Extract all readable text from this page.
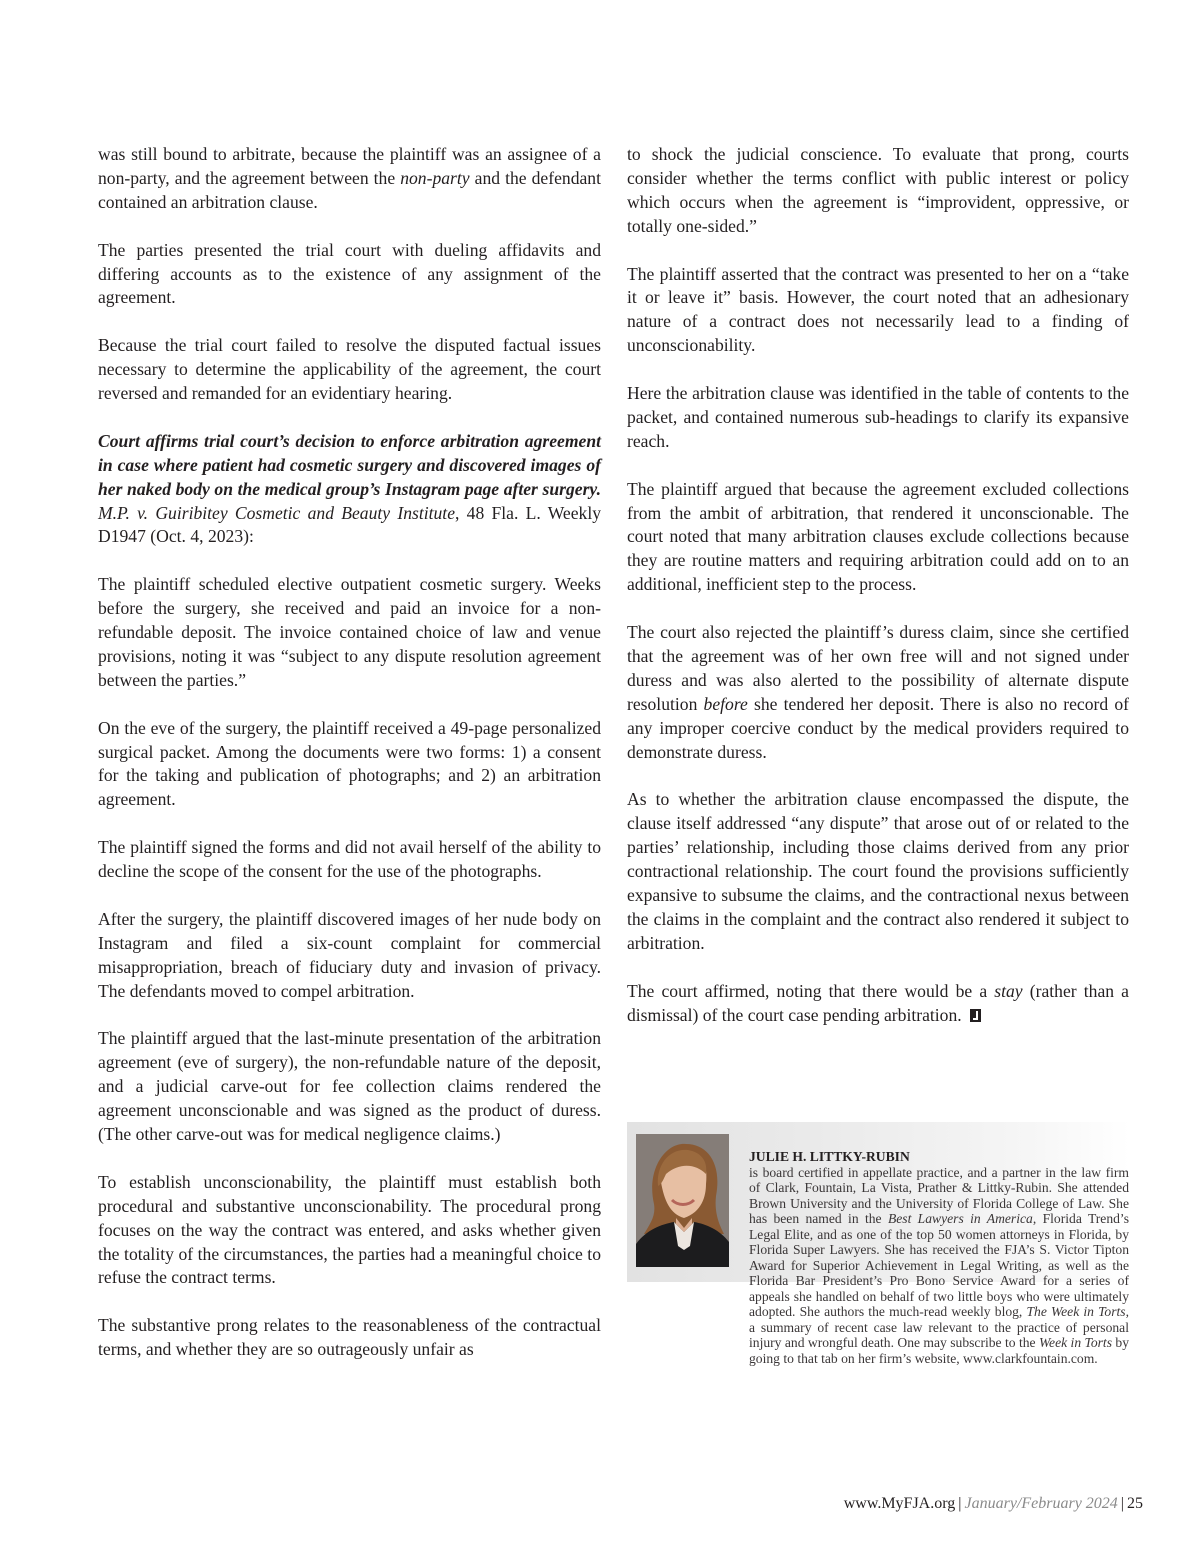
was still bound to arbitrate, because the plaintiff was an assignee of a non-party, and the agreement between the non-party and the defendant contained an arbitration clause.

The parties presented the trial court with dueling affidavits and differing accounts as to the existence of any assignment of the agreement.

Because the trial court failed to resolve the disputed factual issues necessary to determine the applicability of the agreement, the court reversed and remanded for an evidentiary hearing.

Court affirms trial court’s decision to enforce arbitration agreement in case where patient had cosmetic surgery and discovered images of her naked body on the medical group’s Instagram page after surgery. M.P. v. Guiribitey Cosmetic and Beauty Institute, 48 Fla. L. Weekly D1947 (Oct. 4, 2023):

The plaintiff scheduled elective outpatient cosmetic surgery. Weeks before the surgery, she received and paid an invoice for a non-refundable deposit. The invoice contained choice of law and venue provisions, noting it was “subject to any dispute resolution agreement between the parties.”

On the eve of the surgery, the plaintiff received a 49-page personalized surgical packet. Among the documents were two forms: 1) a consent for the taking and publication of photographs; and 2) an arbitration agreement.

The plaintiff signed the forms and did not avail herself of the ability to decline the scope of the consent for the use of the photographs.

After the surgery, the plaintiff discovered images of her nude body on Instagram and filed a six-count complaint for commercial misappropriation, breach of fiduciary duty and invasion of privacy. The defendants moved to compel arbitration.

The plaintiff argued that the last-minute presentation of the arbitration agreement (eve of surgery), the non-refundable nature of the deposit, and a judicial carve-out for fee collection claims rendered the agreement unconscionable and was signed as the product of duress. (The other carve-out was for medical negligence claims.)

To establish unconscionability, the plaintiff must establish both procedural and substantive unconscionability. The procedural prong focuses on the way the contract was entered, and asks whether given the totality of the circumstances, the parties had a meaningful choice to refuse the contract terms.

The substantive prong relates to the reasonableness of the contractual terms, and whether they are so outrageously unfair as

to shock the judicial conscience. To evaluate that prong, courts consider whether the terms conflict with public interest or policy which occurs when the agreement is “improvident, oppressive, or totally one-sided.”

The plaintiff asserted that the contract was presented to her on a “take it or leave it” basis. However, the court noted that an adhesionary nature of a contract does not necessarily lead to a finding of unconscionability.

Here the arbitration clause was identified in the table of contents to the packet, and contained numerous sub-headings to clarify its expansive reach.

The plaintiff argued that because the agreement excluded collections from the ambit of arbitration, that rendered it unconscionable. The court noted that many arbitration clauses exclude collections because they are routine matters and requiring arbitration could add on to an additional, inefficient step to the process.

The court also rejected the plaintiff’s duress claim, since she certified that the agreement was of her own free will and not signed under duress and was also alerted to the possibility of alternate dispute resolution before she tendered her deposit. There is also no record of any improper coercive conduct by the medical providers required to demonstrate duress.

As to whether the arbitration clause encompassed the dispute, the clause itself addressed “any dispute” that arose out of or related to the parties’ relationship, including those claims derived from any prior contractional relationship. The court found the provisions sufficiently expansive to subsume the claims, and the contractional nexus between the claims in the complaint and the contract also rendered it subject to arbitration.

The court affirmed, noting that there would be a stay (rather than a dismissal) of the court case pending arbitration.

JULIE H. LITTKY-RUBIN
is board certified in appellate practice, and a partner in the law firm of Clark, Fountain, La Vista, Prather & Littky-Rubin. She attended Brown University and the University of Florida College of Law. She has been named in the Best Lawyers in America, Florida Trend’s Legal Elite, and as one of the top 50 women attorneys in Florida, by Florida Super Lawyers. She has received the FJA’s S. Victor Tipton Award for Superior Achievement in Legal Writing, as well as the Florida Bar President’s Pro Bono Service Award for a series of appeals she handled on behalf of two little boys who were ultimately adopted. She authors the much-read weekly blog, The Week in Torts, a summary of recent case law relevant to the practice of personal injury and wrongful death. One may subscribe to the Week in Torts by going to that tab on her firm’s website, www.clarkfountain.com.
www.MyFJA.org | January/February 2024 | 25
